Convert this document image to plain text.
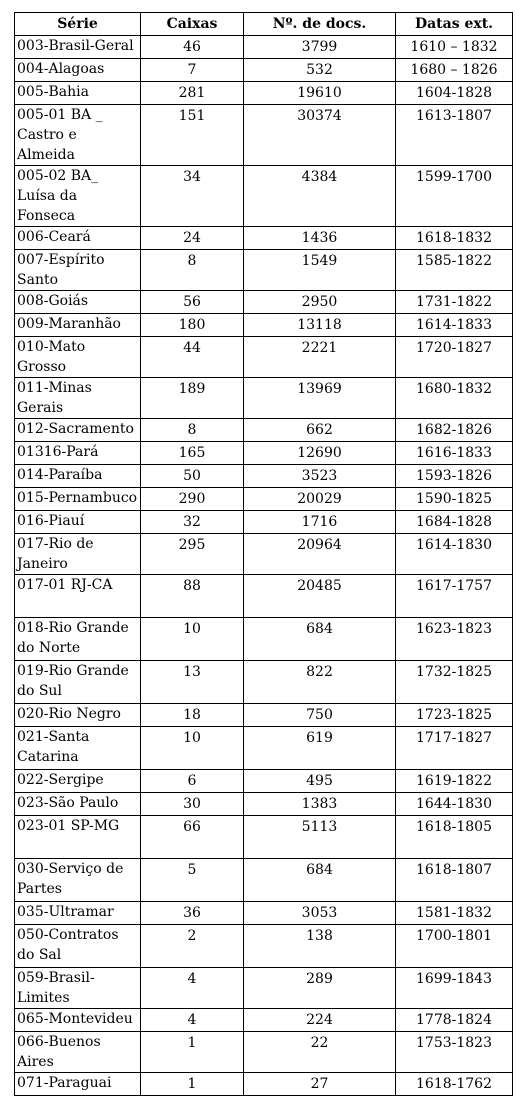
Série	Caixas	Nº. de docs.	Datas ext.
003-Brasil-Geral	46	3799	1610 – 1832
004-Alagoas	7	532	1680 – 1826
005-Bahia	281	19610	1604-1828
005-01 BA _ Castro e Almeida	151	30374	1613-1807
005-02 BA_ Luísa da Fonseca	34	4384	1599-1700
006-Ceará	24	1436	1618-1832
007-Espírito Santo	8	1549	1585-1822
008-Goiás	56	2950	1731-1822
009-Maranhão	180	13118	1614-1833
010-Mato Grosso	44	2221	1720-1827
011-Minas Gerais	189	13969	1680-1832
012-Sacramento	8	662	1682-1826
01316-Pará	165	12690	1616-1833
014-Paraíba	50	3523	1593-1826
015-Pernambuco	290	20029	1590-1825
016-Piauí	32	1716	1684-1828
017-Rio de Janeiro	295	20964	1614-1830
017-01 RJ-CA	88	20485	1617-1757
018-Rio Grande do Norte	10	684	1623-1823
019-Rio Grande do Sul	13	822	1732-1825
020-Rio Negro	18	750	1723-1825
021-Santa Catarina	10	619	1717-1827
022-Sergipe	6	495	1619-1822
023-São Paulo	30	1383	1644-1830
023-01 SP-MG	66	5113	1618-1805
030-Serviço de Partes	5	684	1618-1807
035-Ultramar	36	3053	1581-1832
050-Contratos do Sal	2	138	1700-1801
059-Brasil-Limites	4	289	1699-1843
065-Montevideu	4	224	1778-1824
066-Buenos Aires	1	22	1753-1823
071-Paraguai	1	27	1618-1762
